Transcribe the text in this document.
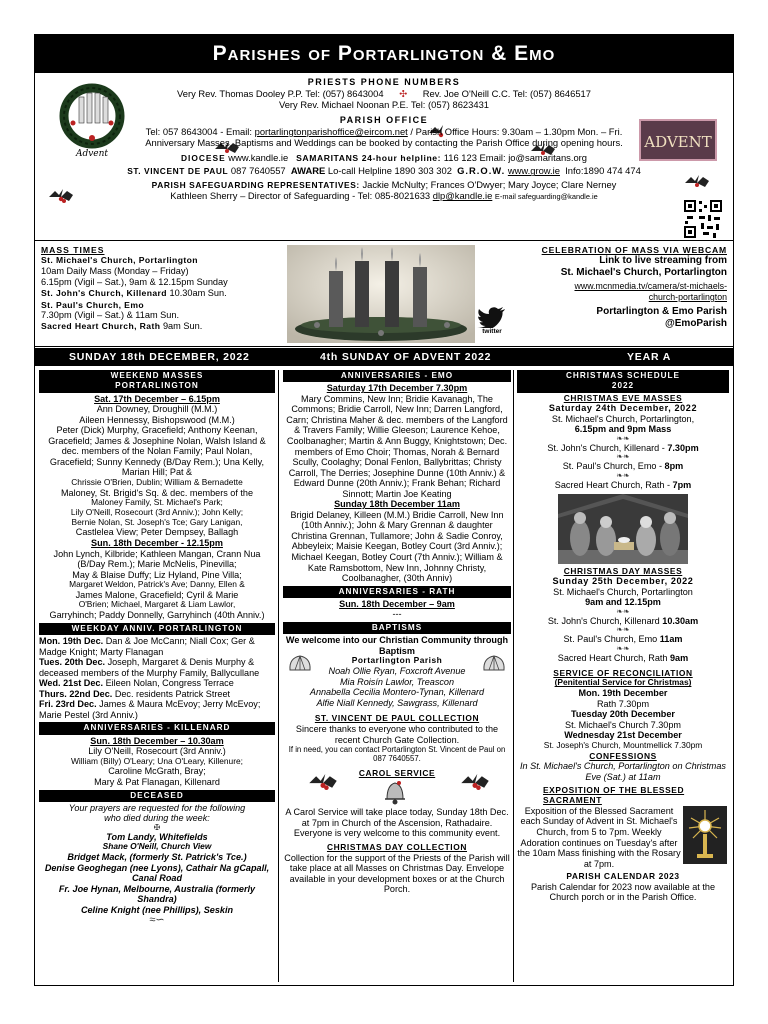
Parishes of Portarlington & Emo
Advent
ADVENT
PRIESTS PHONE NUMBERS
Very Rev. Thomas Dooley P.P. Tel: (057) 8643004 ✣ Rev. Joe O'Neill C.C. Tel: (057) 8646517
Very Rev. Michael Noonan P.E. Tel: (057) 8623431
PARISH OFFICE
Tel: 057 8643004 - Email: portarlingtonparishoffice@eircom.net / Parish Office Hours: 9.30am – 1.30pm Mon. – Fri.
Anniversary Masses, Baptisms and Weddings can be booked by contacting the Parish Office during opening hours.
DIOCESE www.kandle.ie SAMARITANS 24-hour helpline: 116 123 Email: jo@samaritans.org
ST. VINCENT DE PAUL 087 7640557 AWARE Lo-call Helpline 1890 303 302 G.R.O.W. www.grow.ie Info:1890 474 474
PARISH SAFEGUARDING REPRESENTATIVES: Jackie McNulty; Frances O'Dwyer; Mary Joyce; Clare Nerney
Kathleen Sherry – Director of Safeguarding - Tel: 085-8021633 dlp@kandle.ie E-mail safeguarding@kandle.ie
MASS TIMES
St. Michael's Church, Portarlington
10am Daily Mass (Monday – Friday)
6.15pm (Vigil – Sat.), 9am & 12.15pm Sunday
St. John's Church, Killenard 10.30am Sun.
St. Paul's Church, Emo
7.30pm (Vigil – Sat.) & 11am Sun.
Sacred Heart Church, Rath 9am Sun.
CELEBRATION OF MASS VIA WEBCAM
Link to live streaming from
St. Michael's Church, Portarlington
www.mcnmedia.tv/camera/st-michaels-
church-portarlington
twitter
Portarlington & Emo Parish
@EmoParish
SUNDAY 18th DECEMBER, 2022	4th SUNDAY OF ADVENT 2022	YEAR A
WEEKEND MASSES
PORTARLINGTON
Sat. 17th December – 6.15pm
Ann Downey, Droughill (M.M.)
Aileen Hennessy, Bishopswood (M.M.)
Peter (Dick) Murphy, Gracefield; Anthony Keenan, Gracefield; James & Josephine Nolan, Walsh Island & dec. members of the Nolan Family; Paul Nolan, Gracefield; Sunny Kennedy (B/Day Rem.); Una Kelly, Marian Hill; Pat &
Chrissie O'Brien, Dublin; William & Bernadette
Maloney, St. Brigid's Sq. & dec. members of the
Maloney Family, St. Michael's Park;
Lily O'Neill, Rosecourt (3rd Anniv.); John Kelly;
Bernie Nolan, St. Joseph's Tce; Gary Lanigan,
Castlelea View; Peter Dempsey, Ballagh
Sun. 18th December - 12.15pm
John Lynch, Kilbride; Kathleen Mangan, Crann Nua (B/Day Rem.); Marie McNelis, Pinevilla;
May & Blaise Duffy; Liz Hyland, Pine Villa;
Margaret Weldon, Patrick's Ave; Danny, Ellen &
James Malone, Gracefield; Cyril & Marie
O'Brien; Michael, Margaret & Liam Lawlor,
Garryhinch; Paddy Donnelly, Garryhinch (40th Anniv.)
WEEKDAY ANNIV. PORTARLINGTON
Mon. 19th Dec. Dan & Joe McCann; Niall Cox; Ger & Madge Knight; Marty Flanagan
Tues. 20th Dec. Joseph, Margaret & Denis Murphy & deceased members of the Murphy Family, Ballycullane
Wed. 21st Dec. Eileen Nolan, Congress Terrace
Thurs. 22nd Dec. Dec. residents Patrick Street
Fri. 23rd Dec. James & Maura McEvoy; Jerry McEvoy; Marie Pestel (3rd Anniv.)
ANNIVERSARIES - KILLENARD
Sun. 18th December – 10.30am
Lily O'Neill, Rosecourt (3rd Anniv.)
William (Billy) O'Leary; Una O'Leary, Killenure;
Caroline McGrath, Bray;
Mary & Pat Flanagan, Killenard
DECEASED
Your prayers are requested for the following
who died during the week:
✠
Tom Landy, Whitefields
Shane O'Neill, Church View
Bridget Mack, (formerly St. Patrick's Tce.)
Denise Geoghegan (nee Lyons), Cathair Na gCapall, Canal Road
Fr. Joe Hynan, Melbourne, Australia (formerly Shandra)
Celine Knight (nee Phillips), Seskin
≈∽
ANNIVERSARIES - EMO
Saturday 17th December 7.30pm
Mary Commins, New Inn; Bridie Kavanagh, The Commons; Bridie Carroll, New Inn; Darren Langford, Carn; Christina Maher & dec. members of the Langford & Travers Family; Willie Gleeson; Laurence Kehoe, Coolbanagher; Martin & Ann Buggy, Knightstown; Dec. members of Emo Choir; Thomas, Norah & Bernard Scully, Coolaghy; Donal Fenlon, Ballybrittas; Christy Carroll, The Derries; Josephine Dunne (10th Anniv.) & Edward Dunne (20th Anniv.); Frank Behan; Richard Sinnott; Martin Joe Keating
Sunday 18th December 11am
Brigid Delaney, Killeen (M.M.) Bridie Carroll, New Inn (10th Anniv.); John & Mary Grennan & daughter Christina Grennan, Tullamore; John & Sadie Conroy, Abbeyleix; Maisie Keegan, Botley Court (3rd Anniv.); Michael Keegan, Botley Court (7th Anniv.); William & Kate Ramsbottom, New Inn, Johnny Christy, Coolbanagher, (30th Anniv)
ANNIVERSARIES - RATH
Sun. 18th December – 9am
---
BAPTISMS
We welcome into our Christian Community through Baptism
Portarlington Parish
Noah Ollie Ryan, Foxcroft Avenue
Mia Roisín Lawlor, Treascon
Annabella Cecilia Montero-Tynan, Killenard
Alfie Niall Kennedy, Sawgrass, Killenard
ST. VINCENT DE PAUL COLLECTION
Sincere thanks to everyone who contributed to the recent Church Gate Collection.
If in need, you can contact Portarlington St. Vincent de Paul on 087 7640557.
CAROL SERVICE
A Carol Service will take place today, Sunday 18th Dec. at 7pm in Church of the Ascension, Rathadaire. Everyone is very welcome to this community event.
CHRISTMAS DAY COLLECTION
Collection for the support of the Priests of the Parish will take place at all Masses on Christmas Day. Envelope available in your development boxes or at the Church Porch.
CHRISTMAS SCHEDULE
2022
CHRISTMAS EVE MASSES
Saturday 24th December, 2022
St. Michael's Church, Portarlington,
6.15pm and 9pm Mass
❧❧
St. John's Church, Killenard - 7.30pm
❧❧
St. Paul's Church, Emo - 8pm
❧❧
Sacred Heart Church, Rath - 7pm
CHRISTMAS DAY MASSES
Sunday 25th December, 2022
St. Michael's Church, Portarlington
9am and 12.15pm
❧❧
St. John's Church, Killenard 10.30am
❧❧
St. Paul's Church, Emo 11am
❧❧
Sacred Heart Church, Rath 9am
SERVICE OF RECONCILIATION
(Penitential Service for Christmas)
Mon. 19th December
Rath 7.30pm
Tuesday 20th December
St. Michael's Church 7.30pm
Wednesday 21st December
St. Joseph's Church, Mountmellick 7.30pm
CONFESSIONS
In St. Michael's Church, Portarlington on Christmas Eve (Sat.) at 11am
EXPOSITION OF THE BLESSED SACRAMENT
Exposition of the Blessed Sacrament each Sunday of Advent in St. Michael's Church, from 5 to 7pm. Weekly Adoration continues on Tuesday's after the 10am Mass finishing with the Rosary at 7pm.
PARISH CALENDAR 2023
Parish Calendar for 2023 now available at the Church porch or in the Parish Office.
